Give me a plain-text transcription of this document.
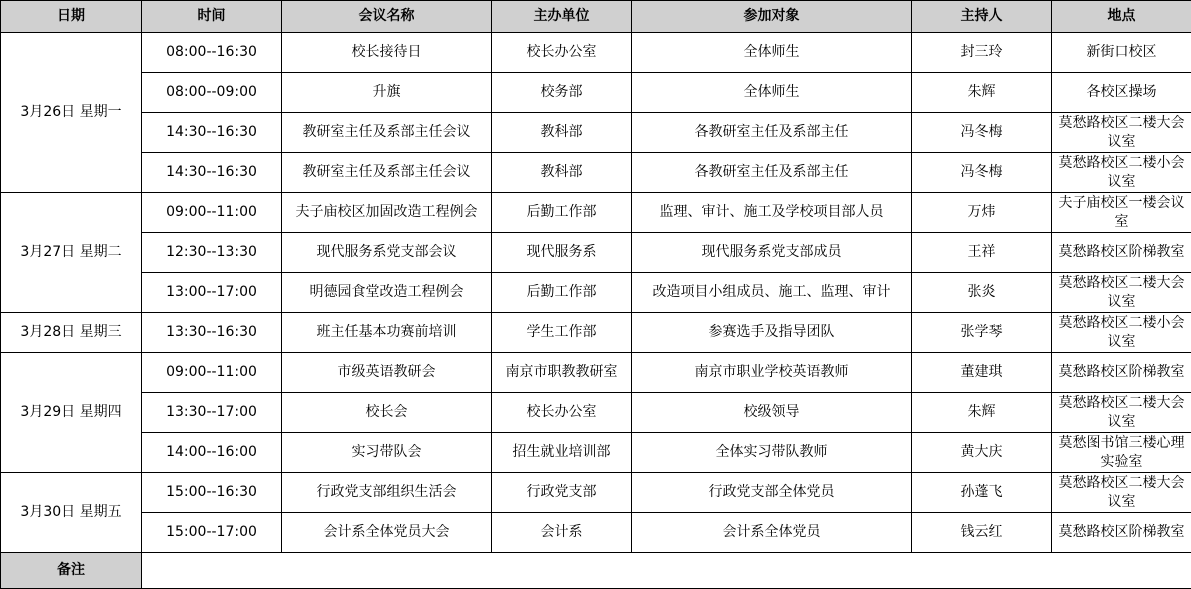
日期	时间	会议名称	主办单位	参加对象	主持人	地点
3月26日 星期一	08:00--16:30	校长接待日	校长办公室	全体师生	封三玲	新街口校区
	08:00--09:00	升旗	校务部	全体师生	朱辉	各校区操场
	14:30--16:30	教研室主任及系部主任会议	教科部	各教研室主任及系部主任	冯冬梅	莫愁路校区二楼大会议室
	14:30--16:30	教研室主任及系部主任会议	教科部	各教研室主任及系部主任	冯冬梅	莫愁路校区二楼小会议室
3月27日 星期二	09:00--11:00	夫子庙校区加固改造工程例会	后勤工作部	监理、审计、施工及学校项目部人员	万炜	夫子庙校区一楼会议室
	12:30--13:30	现代服务系党支部会议	现代服务系	现代服务系党支部成员	王祥	莫愁路校区阶梯教室
	13:00--17:00	明德园食堂改造工程例会	后勤工作部	改造项目小组成员、施工、监理、审计	张炎	莫愁路校区二楼大会议室
3月28日 星期三	13:30--16:30	班主任基本功赛前培训	学生工作部	参赛选手及指导团队	张学琴	莫愁路校区二楼小会议室
3月29日 星期四	09:00--11:00	市级英语教研会	南京市职教教研室	南京市职业学校英语教师	董建琪	莫愁路校区阶梯教室
	13:30--17:00	校长会	校长办公室	校级领导	朱辉	莫愁路校区二楼大会议室
	14:00--16:00	实习带队会	招生就业培训部	全体实习带队教师	黄大庆	莫愁图书馆三楼心理实验室
3月30日 星期五	15:00--16:30	行政党支部组织生活会	行政党支部	行政党支部全体党员	孙蓬飞	莫愁路校区二楼大会议室
	15:00--17:00	会计系全体党员大会	会计系	会计系全体党员	钱云红	莫愁路校区阶梯教室
备注						
